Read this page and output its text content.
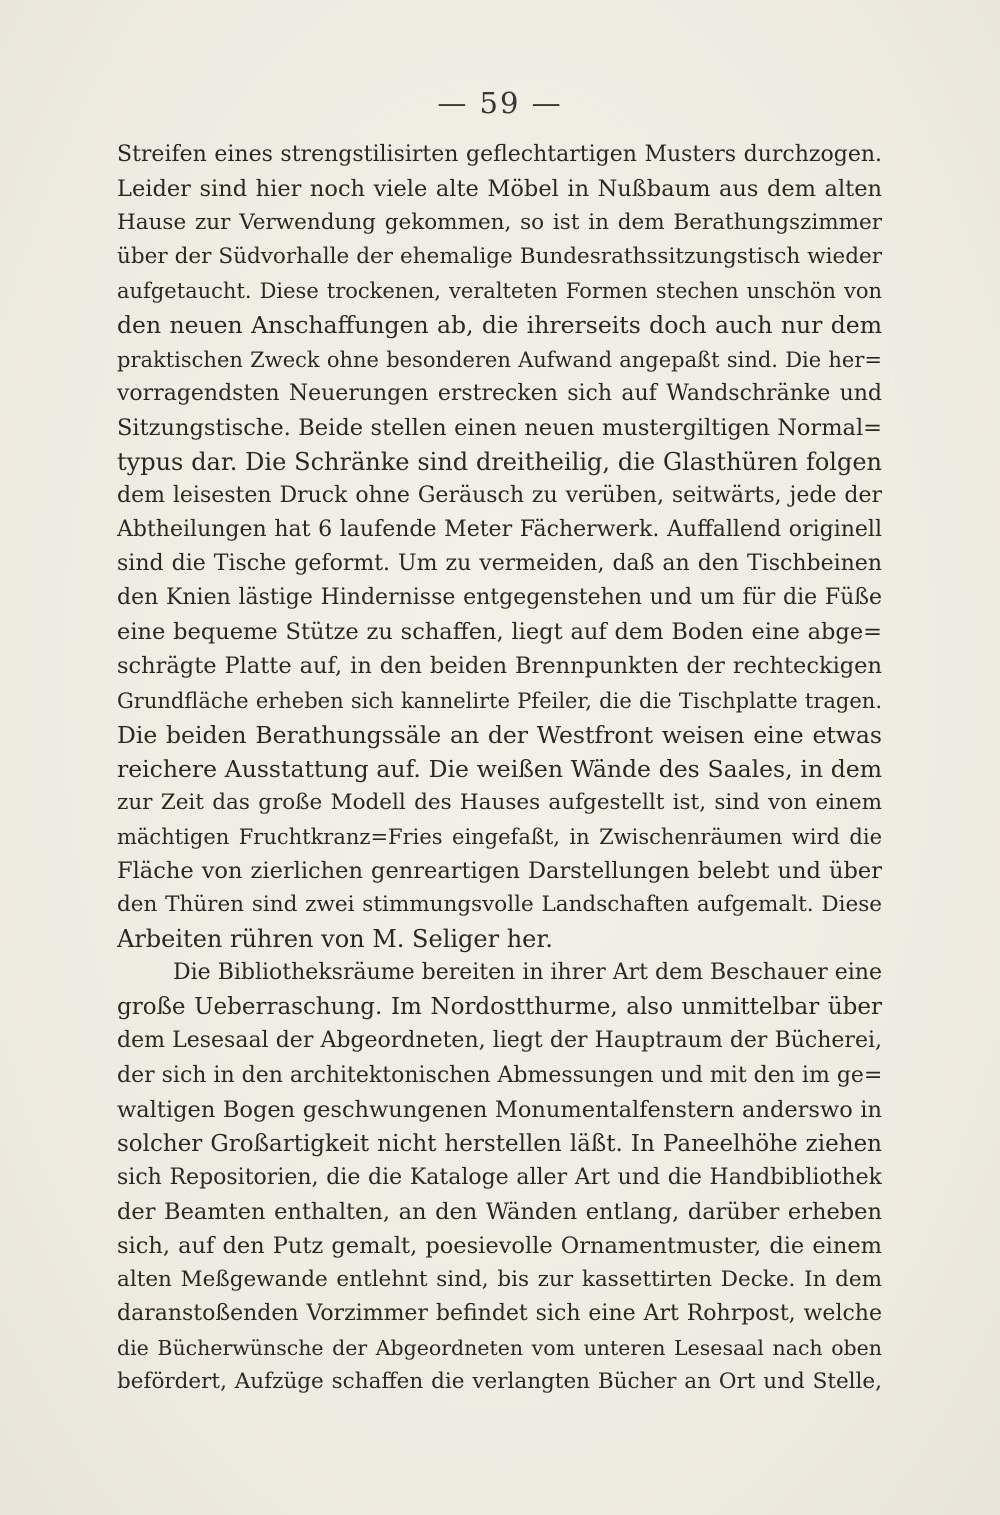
— 59 —
Streifen eines strengstilisirten geflechtartigen Musters durchzogen.
Leider sind hier noch viele alte Möbel in Nußbaum aus dem alten
Hause zur Verwendung gekommen, so ist in dem Berathungszimmer
über der Südvorhalle der ehemalige Bundesrathssitzungstisch wieder
aufgetaucht. Diese trockenen, veralteten Formen stechen unschön von
den neuen Anschaffungen ab, die ihrerseits doch auch nur dem
praktischen Zweck ohne besonderen Aufwand angepaßt sind. Die her=
vorragendsten Neuerungen erstrecken sich auf Wandschränke und
Sitzungstische. Beide stellen einen neuen mustergiltigen Normal=
typus dar. Die Schränke sind dreitheilig, die Glasthüren folgen
dem leisesten Druck ohne Geräusch zu verüben, seitwärts, jede der
Abtheilungen hat 6 laufende Meter Fächerwerk. Auffallend originell
sind die Tische geformt. Um zu vermeiden, daß an den Tischbeinen
den Knien lästige Hindernisse entgegenstehen und um für die Füße
eine bequeme Stütze zu schaffen, liegt auf dem Boden eine abge=
schrägte Platte auf, in den beiden Brennpunkten der rechteckigen
Grundfläche erheben sich kannelirte Pfeiler, die die Tischplatte tragen.
Die beiden Berathungssäle an der Westfront weisen eine etwas
reichere Ausstattung auf. Die weißen Wände des Saales, in dem
zur Zeit das große Modell des Hauses aufgestellt ist, sind von einem
mächtigen Fruchtkranz=Fries eingefaßt, in Zwischenräumen wird die
Fläche von zierlichen genreartigen Darstellungen belebt und über
den Thüren sind zwei stimmungsvolle Landschaften aufgemalt. Diese
Arbeiten rühren von M. Seliger her.
Die Bibliotheksräume bereiten in ihrer Art dem Beschauer eine
große Ueberraschung. Im Nordostthurme, also unmittelbar über
dem Lesesaal der Abgeordneten, liegt der Hauptraum der Bücherei,
der sich in den architektonischen Abmessungen und mit den im ge=
waltigen Bogen geschwungenen Monumentalfenstern anderswo in
solcher Großartigkeit nicht herstellen läßt. In Paneelhöhe ziehen
sich Repositorien, die die Kataloge aller Art und die Handbibliothek
der Beamten enthalten, an den Wänden entlang, darüber erheben
sich, auf den Putz gemalt, poesievolle Ornamentmuster, die einem
alten Meßgewande entlehnt sind, bis zur kassettirten Decke. In dem
daranstoßenden Vorzimmer befindet sich eine Art Rohrpost, welche
die Bücherwünsche der Abgeordneten vom unteren Lesesaal nach oben
befördert, Aufzüge schaffen die verlangten Bücher an Ort und Stelle,
